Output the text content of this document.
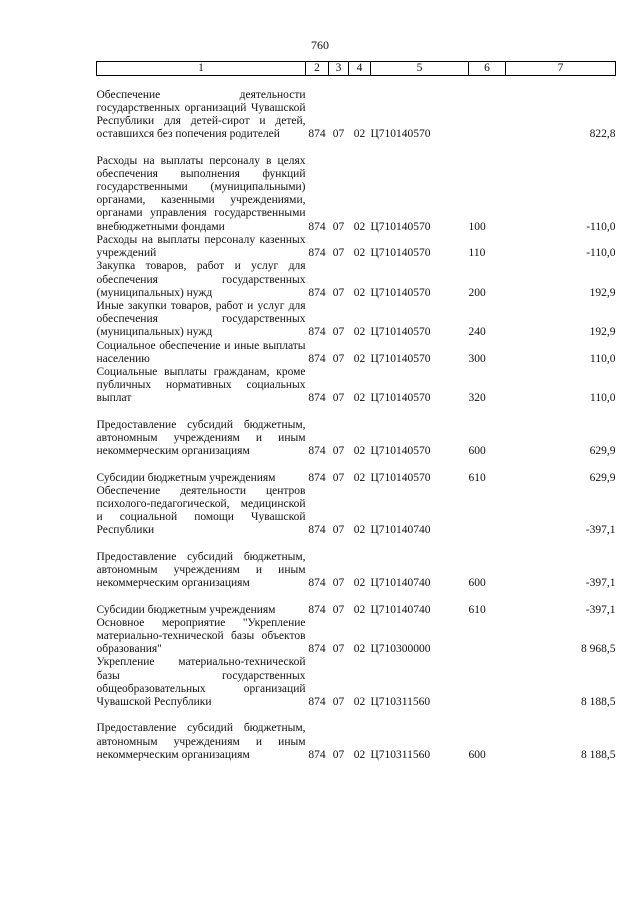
760
1	2	3	4	5	6	7
Обеспечение деятельности государственных организаций Чувашской Республики для детей-сирот и детей, оставшихся без попечения родителей	874	07	02	Ц710140570		822,8
Расходы на выплаты персоналу в целях обеспечения выполнения функций государственными (муниципальными) органами, казенными учреждениями, органами управления государственными внебюджетными фондами	874	07	02	Ц710140570	100	-110,0
Расходы на выплаты персоналу казенных учреждений	874	07	02	Ц710140570	110	-110,0
Закупка товаров, работ и услуг для обеспечения государственных (муниципальных) нужд	874	07	02	Ц710140570	200	192,9
Иные закупки товаров, работ и услуг для обеспечения государственных (муниципальных) нужд	874	07	02	Ц710140570	240	192,9
Социальное обеспечение и иные выплаты населению	874	07	02	Ц710140570	300	110,0
Социальные выплаты гражданам, кроме публичных нормативных социальных выплат	874	07	02	Ц710140570	320	110,0
Предоставление субсидий бюджетным, автономным учреждениям и иным некоммерческим организациям	874	07	02	Ц710140570	600	629,9
Субсидии бюджетным учреждениям	874	07	02	Ц710140570	610	629,9
Обеспечение деятельности центров психолого-педагогической, медицинской и социальной помощи Чувашской Республики	874	07	02	Ц710140740		-397,1
Предоставление субсидий бюджетным, автономным учреждениям и иным некоммерческим организациям	874	07	02	Ц710140740	600	-397,1
Субсидии бюджетным учреждениям	874	07	02	Ц710140740	610	-397,1
Основное мероприятие "Укрепление материально-технической базы объектов образования"	874	07	02	Ц710300000		8 968,5
Укрепление материально-технической базы государственных общеобразовательных организаций Чувашской Республики	874	07	02	Ц710311560		8 188,5
Предоставление субсидий бюджетным, автономным учреждениям и иным некоммерческим организациям	874	07	02	Ц710311560	600	8 188,5
